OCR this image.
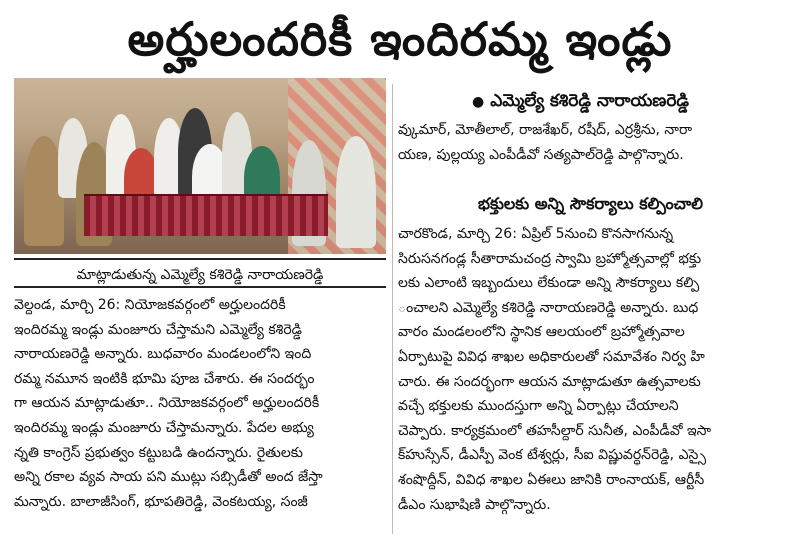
అర్హులందరికీ ఇందిరమ్మ ఇండ్లు
మాట్లాడుతున్న ఎమ్మెల్యే కశిరెడ్డి నారాయణరెడ్డి
వెల్దండ, మార్చి 26: నియోజకవర్గంలో అర్హులందరికీ
ఇందిరమ్మ ఇండ్లు మంజూరు చేస్తామని ఎమ్మెల్యే కశిరెడ్డి
నారాయణరెడ్డి అన్నారు. బుధవారం మండలంలోని ఇంది
రమ్మ నమూన ఇంటికి భూమి పూజ చేశారు. ఈ సందర్భం
గా ఆయన మాట్లాడుతూ.. నియోజకవర్గంలో అర్హులందరికీ
ఇందిరమ్మ ఇండ్లు మంజూరు చేస్తామన్నారు. పేదల అభ్యు
న్నతి కాంగ్రెస్ ప్రభుత్వం కట్టుబడి ఉందన్నారు. రైతులకు
అన్ని రకాల వ్యవ సాయ పని ముట్లు సబ్సిడీతో అంద జేస్తా
మన్నారు. బాలాజీసింగ్, భూపతిరెడ్డి, వెంకటయ్య, సంజీ
● ఎమ్మెల్యే కశిరెడ్డి నారాయణరెడ్డి
వ్కుమార్, మోతీలాల్, రాజశేఖర్, రషీద్, ఎర్రశ్రీను, నారా
యణ, పుల్లయ్య ఎంపీడీవో సత్యపాల్‌రెడ్డి పాల్గొన్నారు.
భక్తులకు అన్ని సౌకర్యాలు కల్పించాలి
చారకొండ, మార్చి 26: ఏప్రిల్ 5నుంచి కొనసాగనున్న
సిరుసనగండ్ల సీతారామచంద్ర స్వామి బ్రహ్మోత్సవాల్లో భక్తు
లకు ఎలాంటి ఇబ్బందులు లేకుండా అన్ని సౌకర్యాలు కల్పి
ంచాలని ఎమ్మెల్యే కశిరెడ్డి నారాయణరెడ్డి అన్నారు. బుధ
వారం మండలంలోని స్థానిక ఆలయంలో బ్రహ్మోత్సవాల
ఏర్పాటుపై వివిధ శాఖల అధికారులతో సమావేశం నిర్వ హి
చారు. ఈ సందర్భంగా ఆయన మాట్లాడుతూ ఉత్సవాలకు
వచ్చే భక్తులకు ముందస్తుగా అన్ని ఏర్పాట్లు చేయాలని
చెప్పారు. కార్యక్రమంలో తహసీల్దార్ సునీత, ఎంపీడీవో ఇసా
క్‌హుస్సేన్, డీఎస్పీ వెంక టేశ్వర్లు, సీఐ విష్ణువర్ధన్‌రెడ్డి, ఎస్సై
శంషొద్దీన్, వివిధ శాఖల ఏఈలు జానికి రాంనాయక్, ఆర్టీసీ
డీఎం సుభాషిణి పాల్గొన్నారు.
